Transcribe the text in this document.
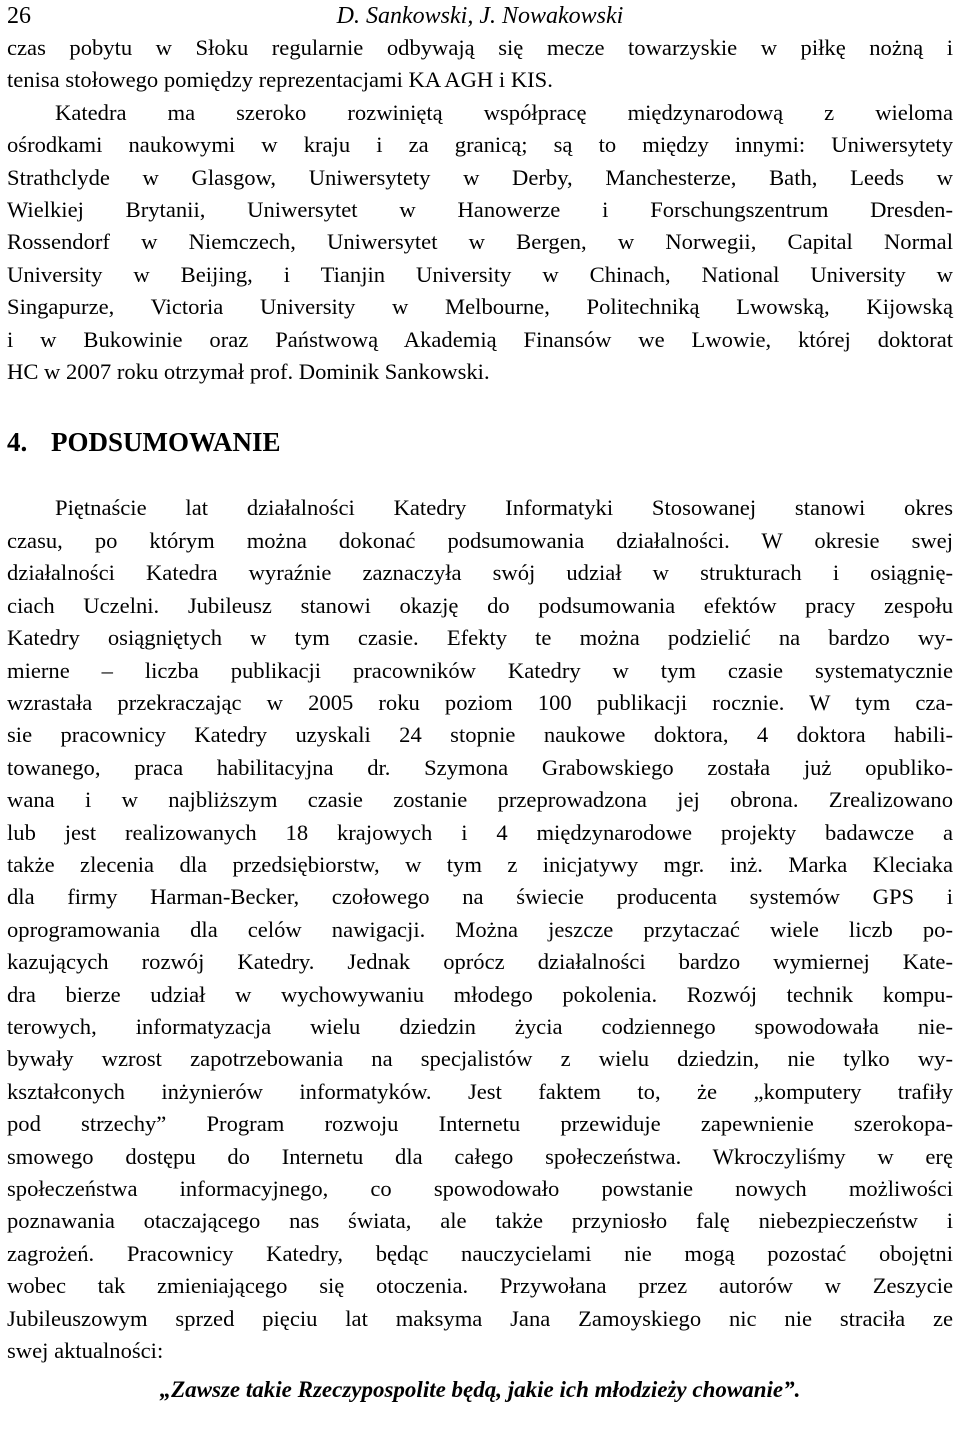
26	D. Sankowski, J. Nowakowski

czas pobytu w Słoku regularnie odbywają się mecze towarzyskie w piłkę nożną i
tenisa stołowego pomiędzy reprezentacjami KA AGH i KIS.

Katedra ma szeroko rozwiniętą współpracę międzynarodową z wieloma
ośrodkami naukowymi w kraju i za granicą; są to między innymi: Uniwersytety
Strathclyde w Glasgow, Uniwersytety w Derby, Manchesterze, Bath, Leeds w
Wielkiej Brytanii, Uniwersytet w Hanowerze i Forschungszentrum Dresden-
Rossendorf w Niemczech, Uniwersytet w Bergen, w Norwegii, Capital Normal
University w Beijing, i Tianjin University w Chinach, National University w
Singapurze, Victoria University w Melbourne, Politechniką Lwowską, Kijowską
i w Bukowinie oraz Państwową Akademią Finansów we Lwowie, której doktorat
HC w 2007 roku otrzymał prof. Dominik Sankowski.

4. PODSUMOWANIE

Piętnaście lat działalności Katedry Informatyki Stosowanej stanowi okres
czasu, po którym można dokonać podsumowania działalności. W okresie swej
działalności Katedra wyraźnie zaznaczyła swój udział w strukturach i osiągnię-
ciach Uczelni. Jubileusz stanowi okazję do podsumowania efektów pracy zespołu
Katedry osiągniętych w tym czasie. Efekty te można podzielić na bardzo wy-
mierne – liczba publikacji pracowników Katedry w tym czasie systematycznie
wzrastała przekraczając w 2005 roku poziom 100 publikacji rocznie. W tym cza-
sie pracownicy Katedry uzyskali 24 stopnie naukowe doktora, 4 doktora habili-
towanego, praca habilitacyjna dr. Szymona Grabowskiego została już opubliko-
wana i w najbliższym czasie zostanie przeprowadzona jej obrona. Zrealizowano
lub jest realizowanych 18 krajowych i 4 międzynarodowe projekty badawcze a
także zlecenia dla przedsiębiorstw, w tym z inicjatywy mgr. inż. Marka Kleciaka
dla firmy Harman-Becker, czołowego na świecie producenta systemów GPS i
oprogramowania dla celów nawigacji. Można jeszcze przytaczać wiele liczb po-
kazujących rozwój Katedry. Jednak oprócz działalności bardzo wymiernej Kate-
dra bierze udział w wychowywaniu młodego pokolenia. Rozwój technik kompu-
terowych, informatyzacja wielu dziedzin życia codziennego spowodowała nie-
bywały wzrost zapotrzebowania na specjalistów z wielu dziedzin, nie tylko wy-
kształconych inżynierów informatyków. Jest faktem to, że „komputery trafiły
pod strzechy” Program rozwoju Internetu przewiduje zapewnienie szerokopa-
smowego dostępu do Internetu dla całego społeczeństwa. Wkroczyliśmy w erę
społeczeństwa informacyjnego, co spowodowało powstanie nowych możliwości
poznawania otaczającego nas świata, ale także przyniosło falę niebezpieczeństw i
zagrożeń. Pracownicy Katedry, będąc nauczycielami nie mogą pozostać obojętni
wobec tak zmieniającego się otoczenia. Przywołana przez autorów w Zeszycie
Jubileuszowym sprzed pięciu lat maksyma Jana Zamoyskiego nic nie straciła ze
swej aktualności:

„Zawsze takie Rzeczypospolite będą, jakie ich młodzieży chowanie”.
